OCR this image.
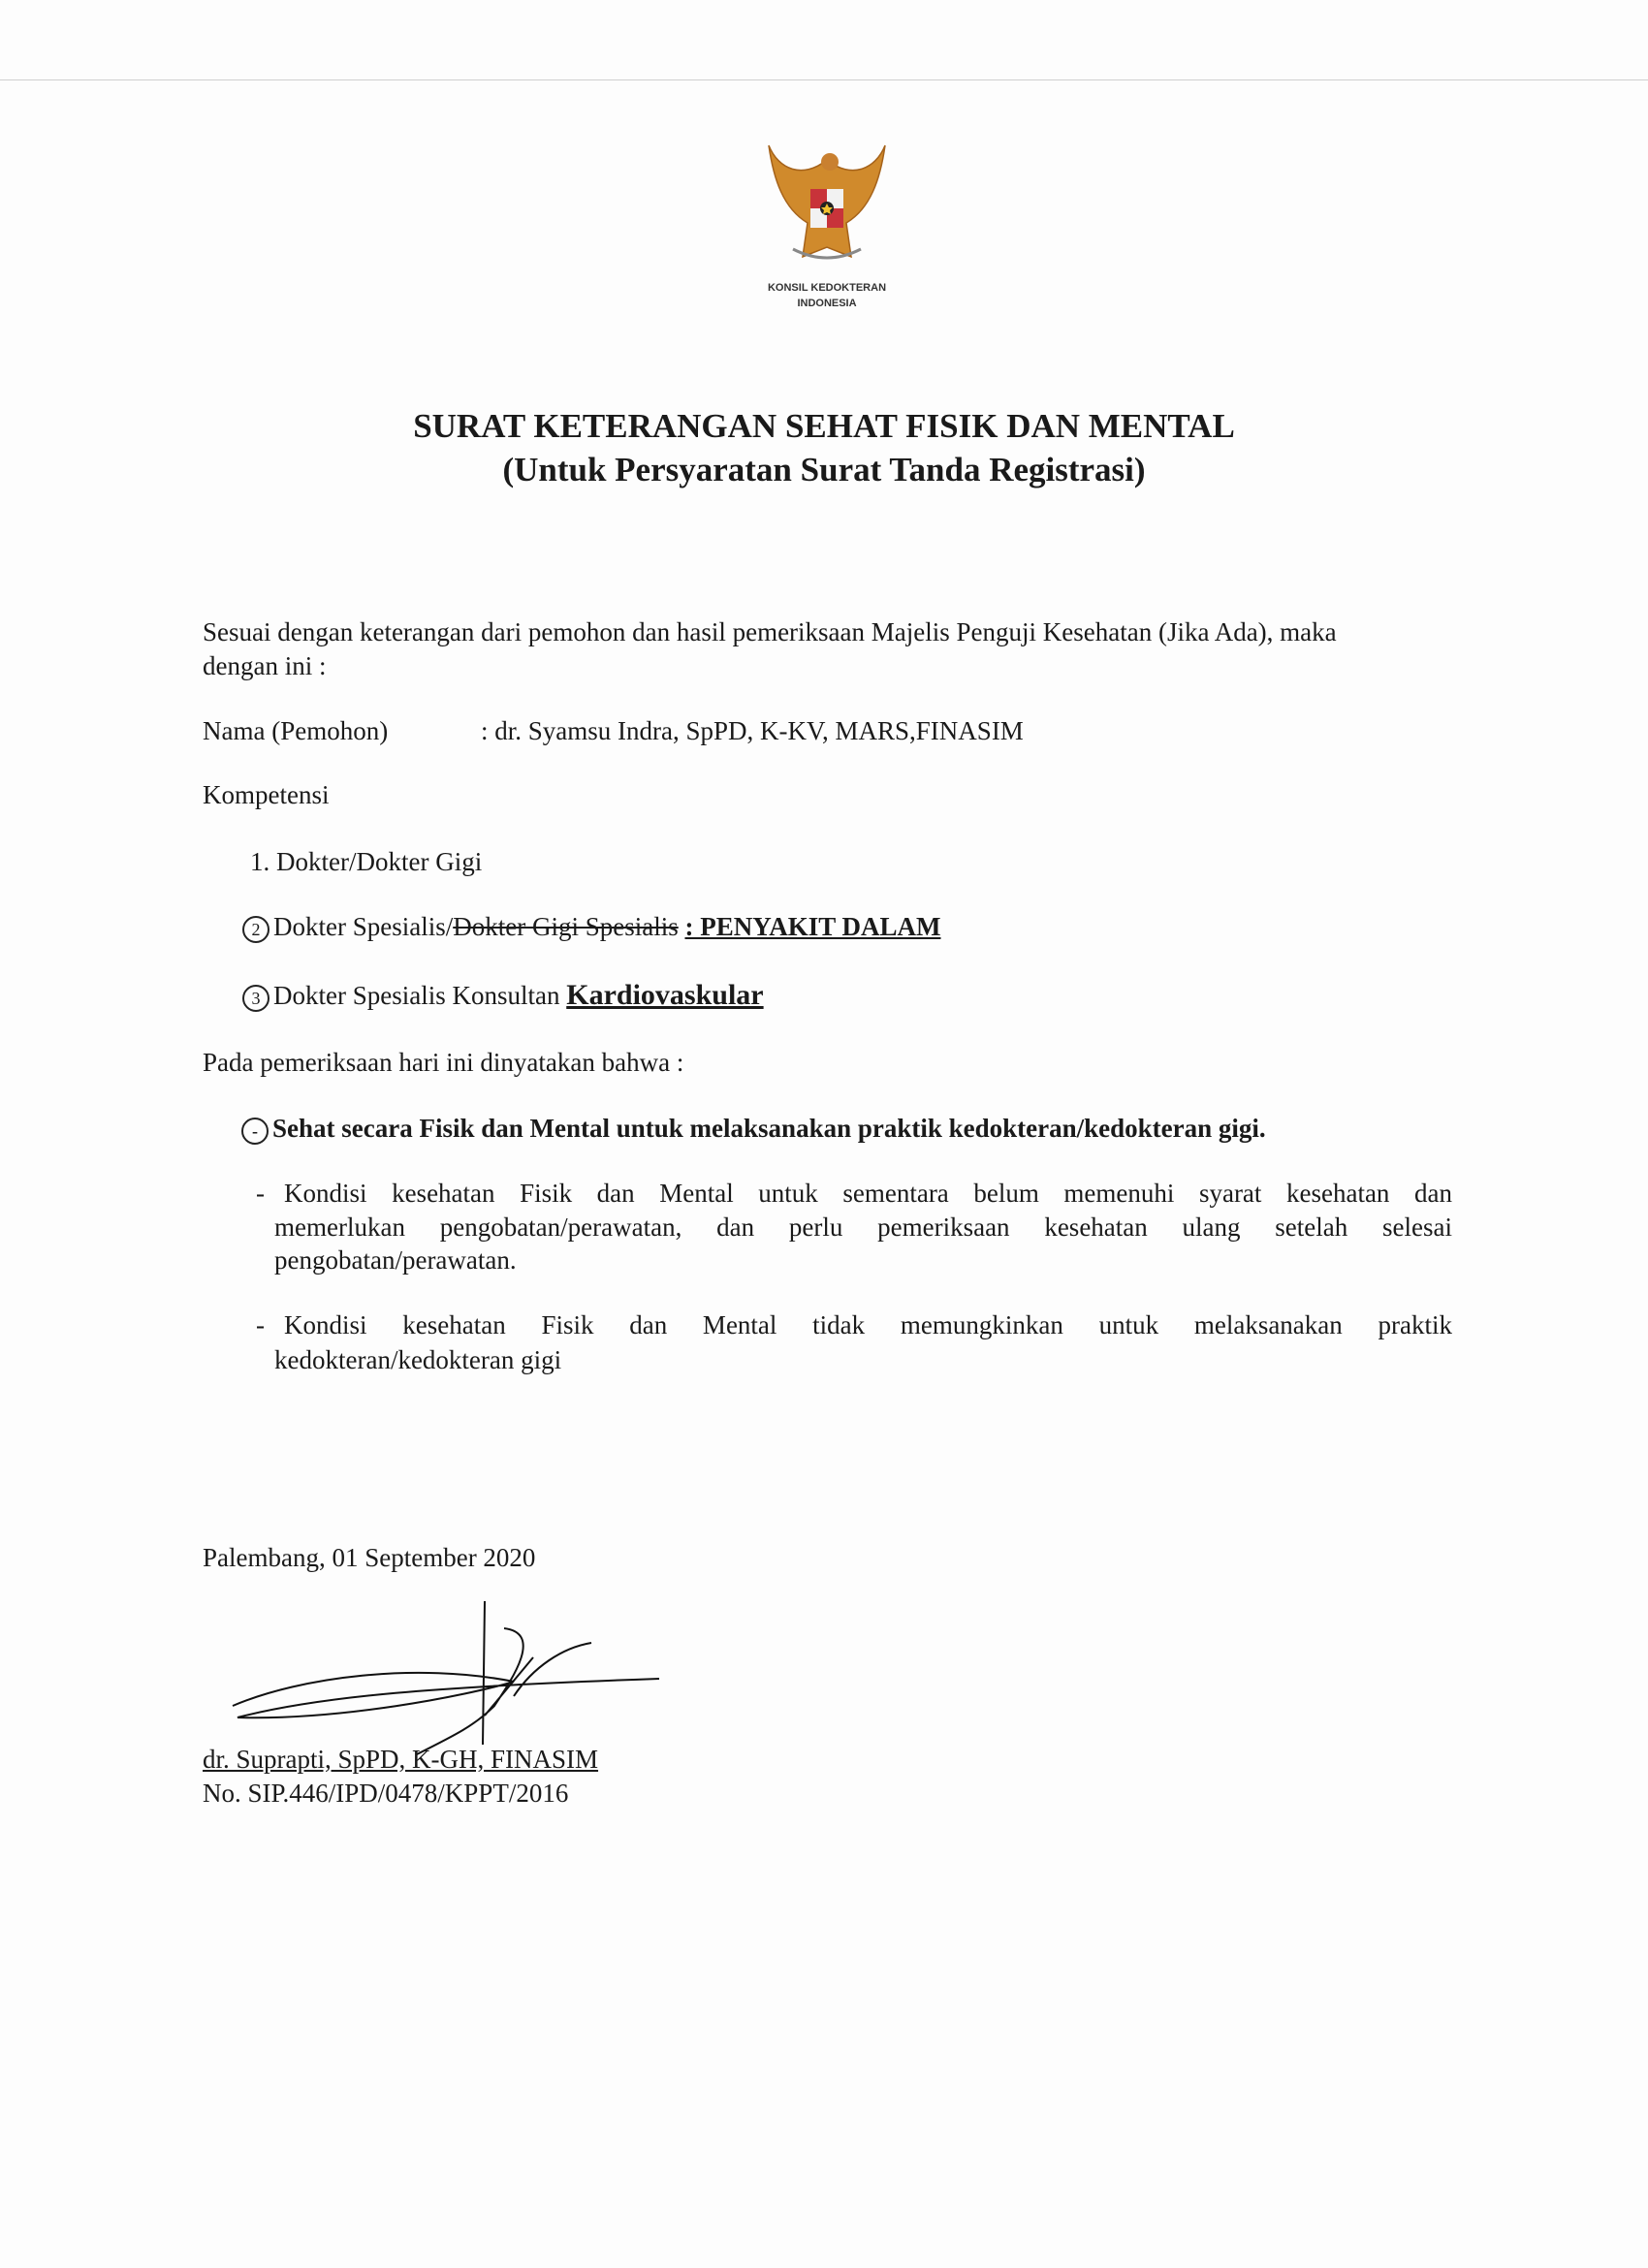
KONSIL KEDOKTERAN
INDONESIA
SURAT KETERANGAN SEHAT FISIK DAN MENTAL
(Untuk Persyaratan Surat Tanda Registrasi)
Sesuai dengan keterangan dari pemohon dan hasil pemeriksaan Majelis Penguji Kesehatan (Jika Ada), maka
dengan ini :
Nama (Pemohon)	: dr. Syamsu Indra, SpPD, K-KV, MARS,FINASIM
Kompetensi
1. Dokter/Dokter Gigi
2 Dokter Spesialis/Dokter Gigi Spesialis : PENYAKIT DALAM
3 Dokter Spesialis Konsultan Kardiovaskular
Pada pemeriksaan hari ini dinyatakan bahwa :
- Sehat secara Fisik dan Mental untuk melaksanakan praktik kedokteran/kedokteran gigi.
- Kondisi kesehatan Fisik dan Mental untuk sementara belum memenuhi syarat kesehatan dan
memerlukan pengobatan/perawatan, dan perlu pemeriksaan kesehatan ulang setelah selesai
pengobatan/perawatan.
- Kondisi kesehatan Fisik dan Mental tidak memungkinkan untuk melaksanakan praktik
kedokteran/kedokteran gigi
Palembang, 01 September 2020
dr. Suprapti, SpPD, K-GH, FINASIM
No. SIP.446/IPD/0478/KPPT/2016
